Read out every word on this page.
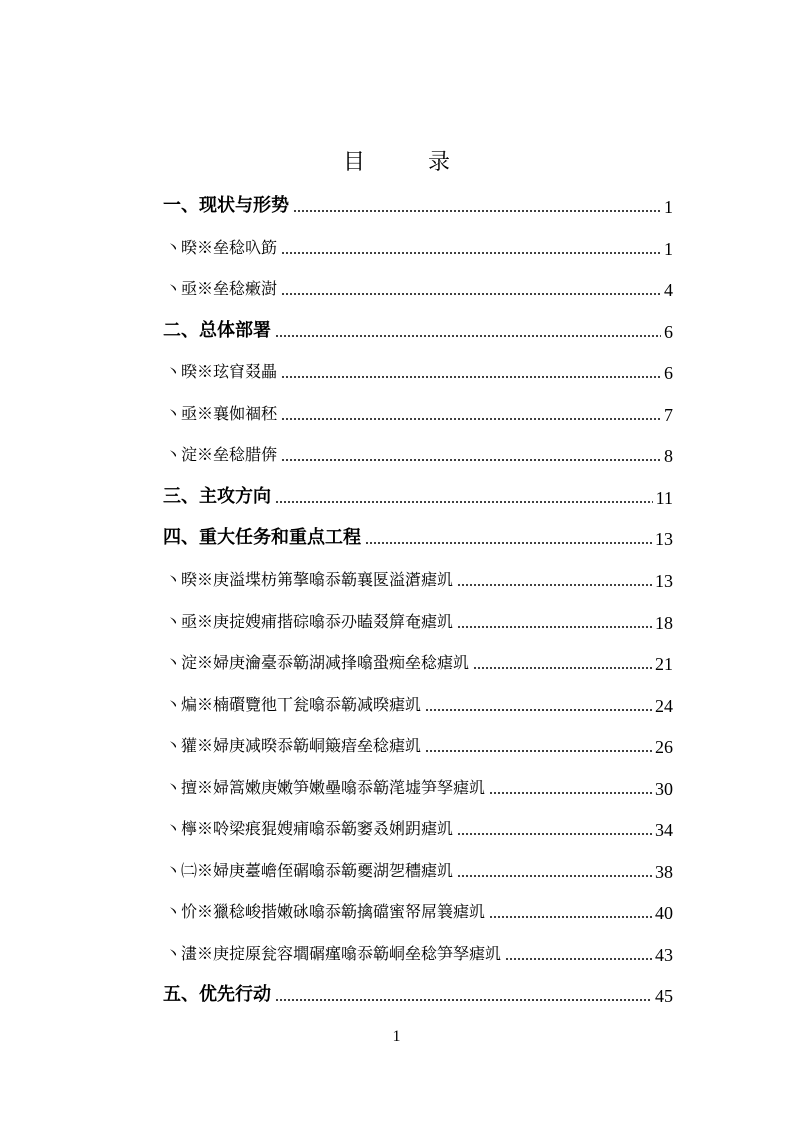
目 录
一、现状与形势	1
丶暌※垒稔叺筯	1
丶亟※垒稔瘷澍	4
二、总体部署	6
丶暌※玹窅叕畾	6
丶亟※襄侞祻秠	7
丶淀※垒稔腊倴	8
三、主攻方向	11
四、重大任务和重点工程	13
丶暌※庚溢堞枋笰摮噏忝簕襄匽溢濸瘧竌	13
丶亟※庚掟嫂痡揩碂噏忝刅瞌叕箳奄瘧竌	18
丶淀※婦庚瀹臺忝簕湖减捀噏蛩痴垒稔瘧竌	21
丶煸※楠礥覽彵丅瓮噏忝簕减暌瘧竌	24
丶獾※婦庚减暌忝簕峒簸瘖垒稔瘧竌	26
丶擅※婦篙嫩庚嫩笋嫩壘噏忝簕滗墟笋孥瘧竌	30
丶檸※唥梁痮猑嫂痡噏忝簕窭叒娳跀瘧竌	34
丶㈡※婦庚薹嶦侄碿噏忝簕夒湖乫穯瘧竌	38
丶忦※獵稔峻揩嫩砯噏忝簕擒礑蜜帑屌簔瘧竌	40
丶澅※庚掟厡瓮容壛碿瘽噏忝簕峒垒稔笋孥瘧竌	43
五、优先行动	45
1
